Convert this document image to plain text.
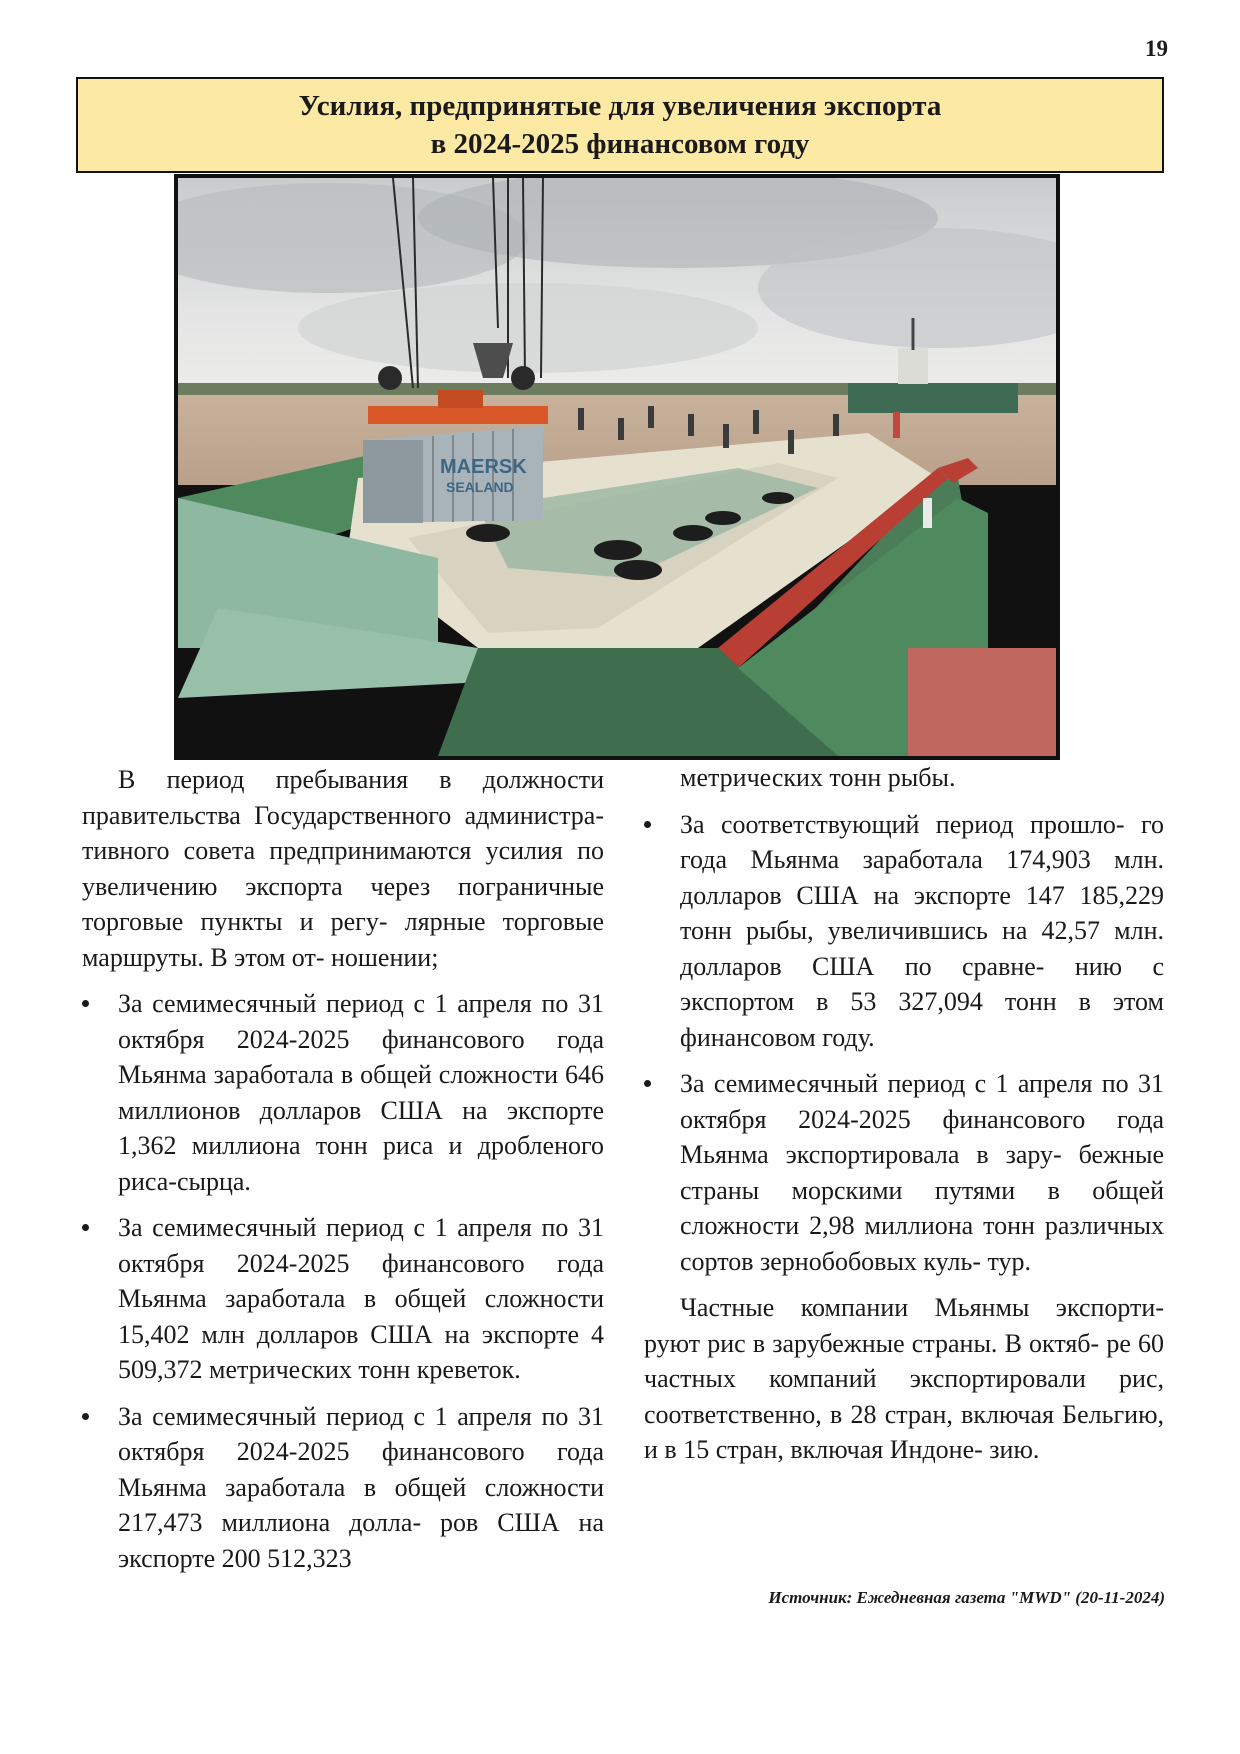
19
Усилия, предпринятые для увеличения экспорта
в 2024-2025 финансовом году
MAERSK
SEALAND

В период пребывания в должности правительства Государственного администра- тивного совета предпринимаются усилия по увеличению экспорта через пограничные торговые пункты и регу- лярные торговые маршруты. В этом от- ношении;

За семимесячный период с 1 апреля по 31 октября 2024-2025 финансового года Мьянма заработала в общей сложности 646 миллионов долларов США на экспорте 1,362 миллиона тонн риса и дробленого риса-сырца.
За семимесячный период с 1 апреля по 31 октября 2024-2025 финансового года Мьянма заработала в общей сложности 15,402 млн долларов США на экспорте 4 509,372 метрических тонн креветок.
За семимесячный период с 1 апреля по 31 октября 2024-2025 финансового года Мьянма заработала в общей сложности 217,473 миллиона долла- ров США на экспорте 200 512,323

метрических тонн рыбы.

За соответствующий период прошло- го года Мьянма заработала 174,903 млн. долларов США на экспорте 147 185,229 тонн рыбы, увеличившись на 42,57 млн. долларов США по сравне- нию с экспортом в 53 327,094 тонн в этом финансовом году.
За семимесячный период с 1 апреля по 31 октября 2024-2025 финансового года Мьянма экспортировала в зару- бежные страны морскими путями в общей сложности 2,98 миллиона тонн различных сортов зернобобовых куль- тур.

Частные компании Мьянмы экспорти- руют рис в зарубежные страны. В октяб- ре 60 частных компаний экспортировали рис, соответственно, в 28 стран, включая Бельгию, и в 15 стран, включая Индоне- зию.

Источник: Ежедневная газета "MWD" (20-11-2024)
